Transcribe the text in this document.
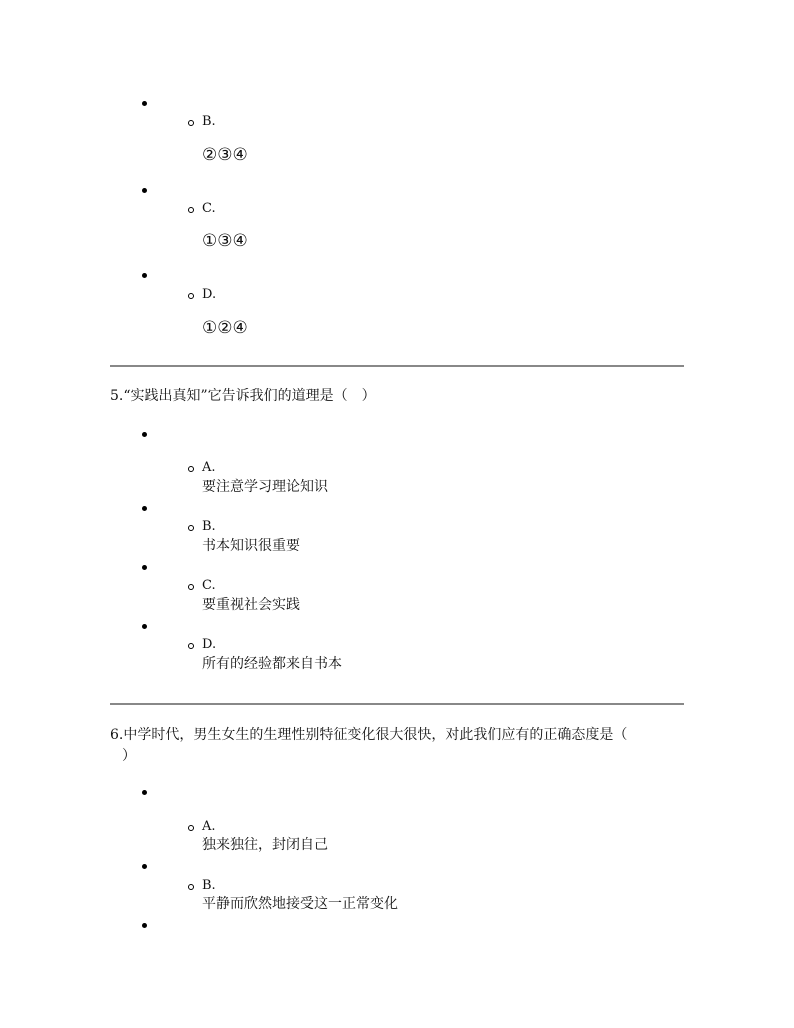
B.
②③④
C.
①③④
D.
①②④
5.“实践出真知”它告诉我们的道理是（　）
A.
要注意学习理论知识
B.
书本知识很重要
C.
要重视社会实践
D.
所有的经验都来自书本
6.中学时代，男生女生的生理性别特征变化很大很快，对此我们应有的正确态度是（
）
A.
独来独往，封闭自己
B.
平静而欣然地接受这一正常变化
